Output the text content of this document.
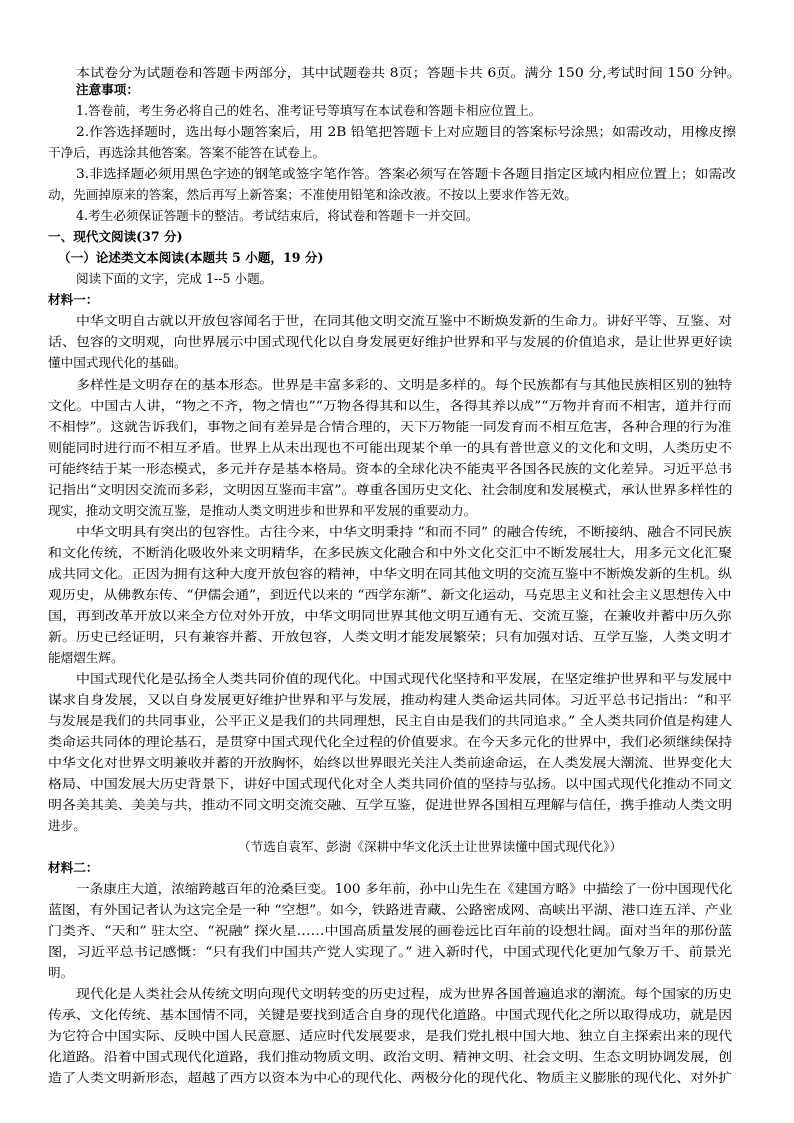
本试卷分为试题卷和答题卡两部分，其中试题卷共 8页；答题卡共 6页。满分 150 分,考试时间 150 分钟。
注意事项：
1.答卷前，考生务必将自己的姓名、准考证号等填写在本试卷和答题卡相应位置上。
2.作答选择题时，选出每小题答案后，用 2B 铅笔把答题卡上对应题目的答案标号涂黑；如需改动，用橡皮擦
干净后，再选涂其他答案。答案不能答在试卷上。
3.非选择题必须用黑色字迹的钢笔或签字笔作答。答案必须写在答题卡各题目指定区域内相应位置上；如需改
动，先画掉原来的答案，然后再写上新答案；不准使用铅笔和涂改液。不按以上要求作答无效。
4.考生必须保证答题卡的整洁。考试结束后，将试卷和答题卡一并交回。
一、现代文阅读(37 分)
（一）论述类文本阅读(本题共 5 小题，19 分)
阅读下面的文字，完成 1--5 小题。
材料一：
中华文明自古就以开放包容闻名于世，在同其他文明交流互鉴中不断焕发新的生命力。讲好平等、互鉴、对
话、包容的文明观，向世界展示中国式现代化以自身发展更好维护世界和平与发展的价值追求，是让世界更好读
懂中国式现代化的基础。
多样性是文明存在的基本形态。世界是丰富多彩的、文明是多样的。每个民族都有与其他民族相区别的独特
文化。中国古人讲，“物之不齐，物之情也”“万物各得其和以生，各得其养以成”“万物并育而不相害，道并行而
不相悖”。这就告诉我们，事物之间有差异是合情合理的，天下万物能一同发育而不相互危害，各种合理的行为准
则能同时进行而不相互矛盾。世界上从未出现也不可能出现某个单一的具有普世意义的文化和文明，人类历史不
可能终结于某一形态模式，多元并存是基本格局。资本的全球化决不能夷平各国各民族的文化差异。习近平总书
记指出“文明因交流而多彩，文明因互鉴而丰富”。尊重各国历史文化、社会制度和发展模式，承认世界多样性的
现实，推动文明交流互鉴，是推动人类文明进步和世界和平发展的重要动力。
中华文明具有突出的包容性。古往今来，中华文明秉持 “和而不同” 的融合传统，不断接纳、融合不同民族
和文化传统，不断消化吸收外来文明精华，在多民族文化融合和中外文化交汇中不断发展壮大，用多元文化汇聚
成共同文化。正因为拥有这种大度开放包容的精神，中华文明在同其他文明的交流互鉴中不断焕发新的生机。纵
观历史，从佛教东传、“伊儒会通”，到近代以来的 “西学东渐”、新文化运动，马克思主义和社会主义思想传入中
国，再到改革开放以来全方位对外开放，中华文明同世界其他文明互通有无、交流互鉴，在兼收并蓄中历久弥
新。历史已经证明，只有兼容并蓄、开放包容，人类文明才能发展繁荣；只有加强对话、互学互鉴，人类文明才
能熠熠生辉。
中国式现代化是弘扬全人类共同价值的现代化。中国式现代化坚持和平发展，在坚定维护世界和平与发展中
谋求自身发展，又以自身发展更好维护世界和平与发展，推动构建人类命运共同体。习近平总书记指出：“和平
与发展是我们的共同事业，公平正义是我们的共同理想，民主自由是我们的共同追求。” 全人类共同价值是构建人
类命运共同体的理论基石，是贯穿中国式现代化全过程的价值要求。在今天多元化的世界中，我们必须继续保持
中华文化对世界文明兼收并蓄的开放胸怀，始终以世界眼光关注人类前途命运，在人类发展大潮流、世界变化大
格局、中国发展大历史背景下，讲好中国式现代化对全人类共同价值的坚持与弘扬。以中国式现代化推动不同文
明各美其美、美美与共，推动不同文明交流交融、互学互鉴，促进世界各国相互理解与信任，携手推动人类文明
进步。
（节选自袁军、彭澍《深耕中华文化沃土让世界读懂中国式现代化》）
材料二：
一条康庄大道，浓缩跨越百年的沧桑巨变。100 多年前，孙中山先生在《建国方略》中描绘了一份中国现代化
蓝图，有外国记者认为这完全是一种 “空想”。如今，铁路进青藏、公路密成网、高峡出平湖、港口连五洋、产业
门类齐、“天和” 驻太空、“祝融” 探火星……中国高质量发展的画卷远比百年前的设想壮阔。面对当年的那份蓝
图，习近平总书记感慨：“只有我们中国共产党人实现了。” 进入新时代，中国式现代化更加气象万千、前景光
明。
现代化是人类社会从传统文明向现代文明转变的历史过程，成为世界各国普遍追求的潮流。每个国家的历史
传承、文化传统、基本国情不同，关键是要找到适合自身的现代化道路。中国式现代化之所以取得成功，就是因
为它符合中国实际、反映中国人民意愿、适应时代发展要求，是我们党扎根中国大地、独立自主探索出来的现代
化道路。沿着中国式现代化道路，我们推动物质文明、政治文明、精神文明、社会文明、生态文明协调发展，创
造了人类文明新形态，超越了西方以资本为中心的现代化、两极分化的现代化、物质主义膨胀的现代化、对外扩
